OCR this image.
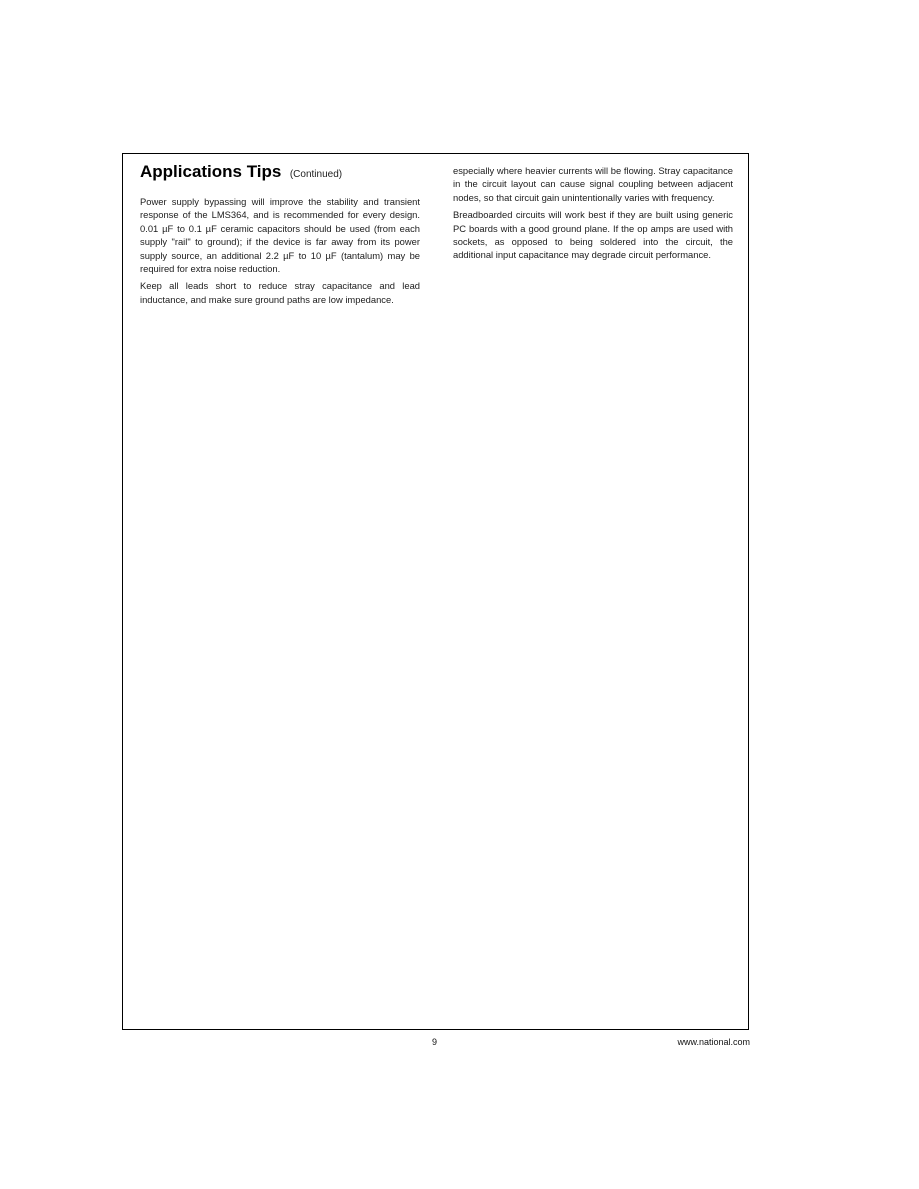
Applications Tips (Continued)

Power supply bypassing will improve the stability and transient response of the LMS364, and is recommended for every design. 0.01 µF to 0.1 µF ceramic capacitors should be used (from each supply "rail" to ground); if the device is far away from its power supply source, an additional 2.2 µF to 10 µF (tantalum) may be required for extra noise reduction.

Keep all leads short to reduce stray capacitance and lead inductance, and make sure ground paths are low impedance.

especially where heavier currents will be flowing. Stray capacitance in the circuit layout can cause signal coupling between adjacent nodes, so that circuit gain unintentionally varies with frequency.

Breadboarded circuits will work best if they are built using generic PC boards with a good ground plane. If the op amps are used with sockets, as opposed to being soldered into the circuit, the additional input capacitance may degrade circuit performance.

9	www.national.com
